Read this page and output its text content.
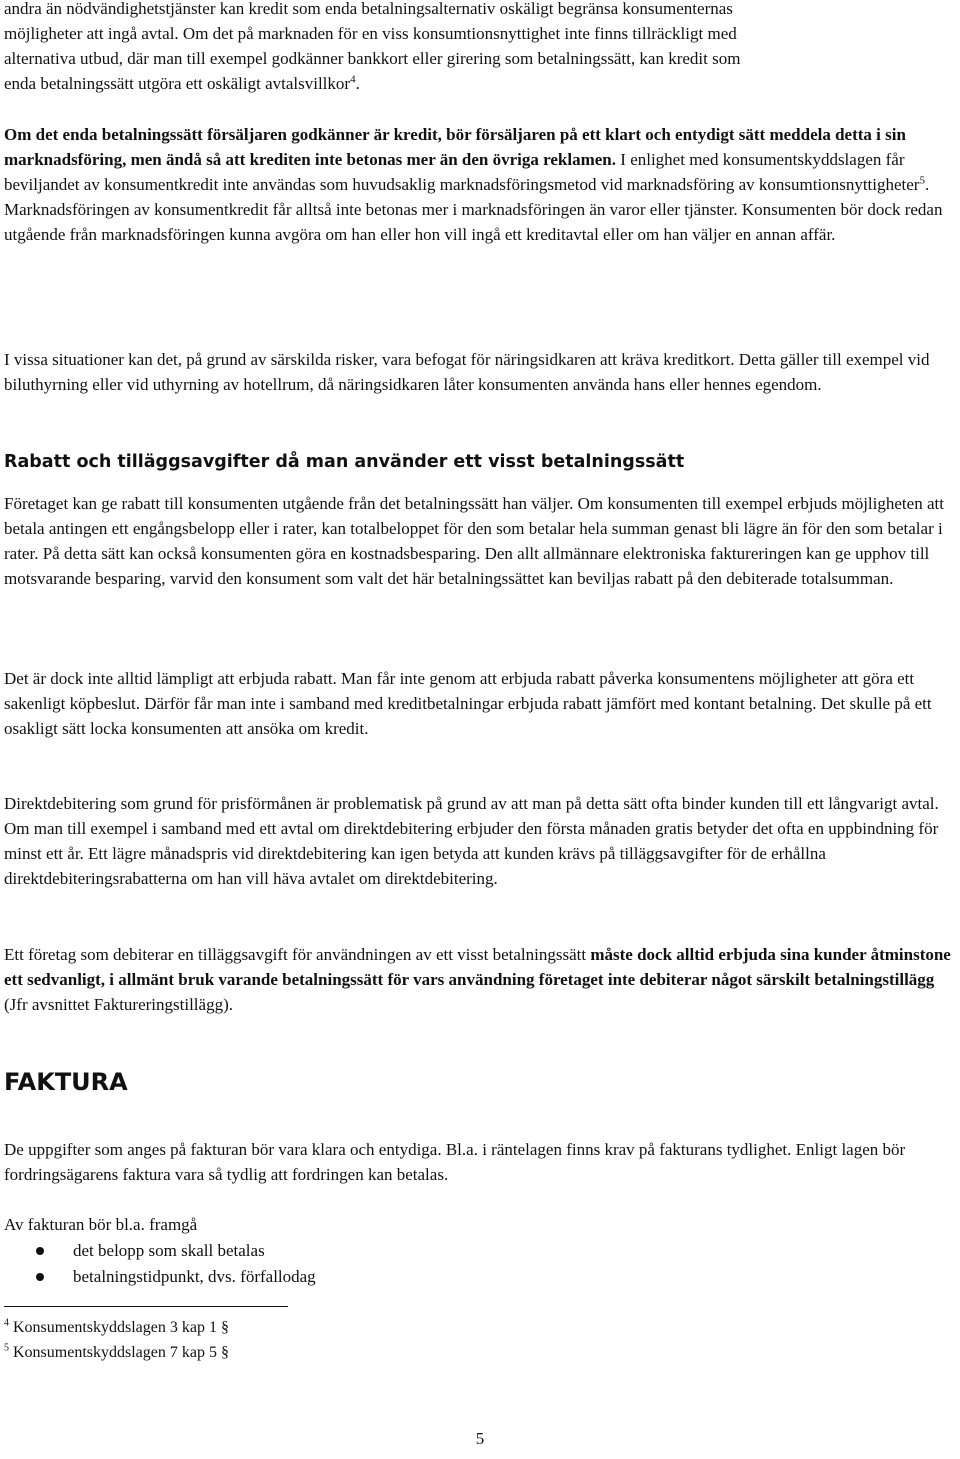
andra än nödvändighetstjänster kan kredit som enda betalningsalternativ oskäligt begränsa konsumenternas
möjligheter att ingå avtal. Om det på marknaden för en viss konsumtionsnyttighet inte finns tillräckligt med
alternativa utbud, där man till exempel godkänner bankkort eller girering som betalningssätt, kan kredit som
enda betalningssätt utgöra ett oskäligt avtalsvillkor$^4$.

Om det enda betalningssätt försäljaren godkänner är kredit, bör försäljaren på ett klart och entydigt sätt meddela detta i sin marknadsföring, men ändå så att krediten inte betonas mer än den övriga reklamen. I enlighet med konsumentskyddslagen får beviljandet av konsumentkredit inte användas som huvudsaklig marknadsföringsmetod vid marknadsföring av konsumtionsnyttigheter$^5$. Marknadsföringen av konsumentkredit får alltså inte betonas mer i marknadsföringen än varor eller tjänster. Konsumenten bör dock redan utgående från marknadsföringen kunna avgöra om han eller hon vill ingå ett kreditavtal eller om han väljer en annan affär.

I vissa situationer kan det, på grund av särskilda risker, vara befogat för näringsidkaren att kräva kreditkort. Detta gäller till exempel vid biluthyrning eller vid uthyrning av hotellrum, då näringsidkaren låter konsumenten använda hans eller hennes egendom.

Rabatt och tilläggsavgifter då man använder ett visst betalningssätt

Företaget kan ge rabatt till konsumenten utgående från det betalningssätt han väljer. Om konsumenten till exempel erbjuds möjligheten att betala antingen ett engångsbelopp eller i rater, kan totalbeloppet för den som betalar hela summan genast bli lägre än för den som betalar i rater. På detta sätt kan också konsumenten göra en kostnadsbesparing. Den allt allmännare elektroniska faktureringen kan ge upphov till motsvarande besparing, varvid den konsument som valt det här betalningssättet kan beviljas rabatt på den debiterade totalsumman.

Det är dock inte alltid lämpligt att erbjuda rabatt. Man får inte genom att erbjuda rabatt påverka konsumentens möjligheter att göra ett sakenligt köpbeslut. Därför får man inte i samband med kreditbetalningar erbjuda rabatt jämfört med kontant betalning. Det skulle på ett osakligt sätt locka konsumenten att ansöka om kredit.

Direktdebitering som grund för prisförmånen är problematisk på grund av att man på detta sätt ofta binder kunden till ett långvarigt avtal. Om man till exempel i samband med ett avtal om direktdebitering erbjuder den första månaden gratis betyder det ofta en uppbindning för minst ett år. Ett lägre månadspris vid direktdebitering kan igen betyda att kunden krävs på tilläggsavgifter för de erhållna direktdebiteringsrabatterna om han vill häva avtalet om direktdebitering.

Ett företag som debiterar en tilläggsavgift för användningen av ett visst betalningssätt måste dock alltid erbjuda sina kunder åtminstone ett sedvanligt, i allmänt bruk varande betalningssätt för vars användning företaget inte debiterar något särskilt betalningstillägg (Jfr avsnittet Faktureringstillägg).

FAKTURA

De uppgifter som anges på fakturan bör vara klara och entydiga. Bl.a. i räntelagen finns krav på fakturans tydlighet. Enligt lagen bör fordringsägarens faktura vara så tydlig att fordringen kan betalas.

Av fakturan bör bl.a. framgå

det belopp som skall betalas
betalningstidpunkt, dvs. förfallodag

$^4$ Konsumentskyddslagen 3 kap 1 §

$^5$ Konsumentskyddslagen 7 kap 5 §

5
